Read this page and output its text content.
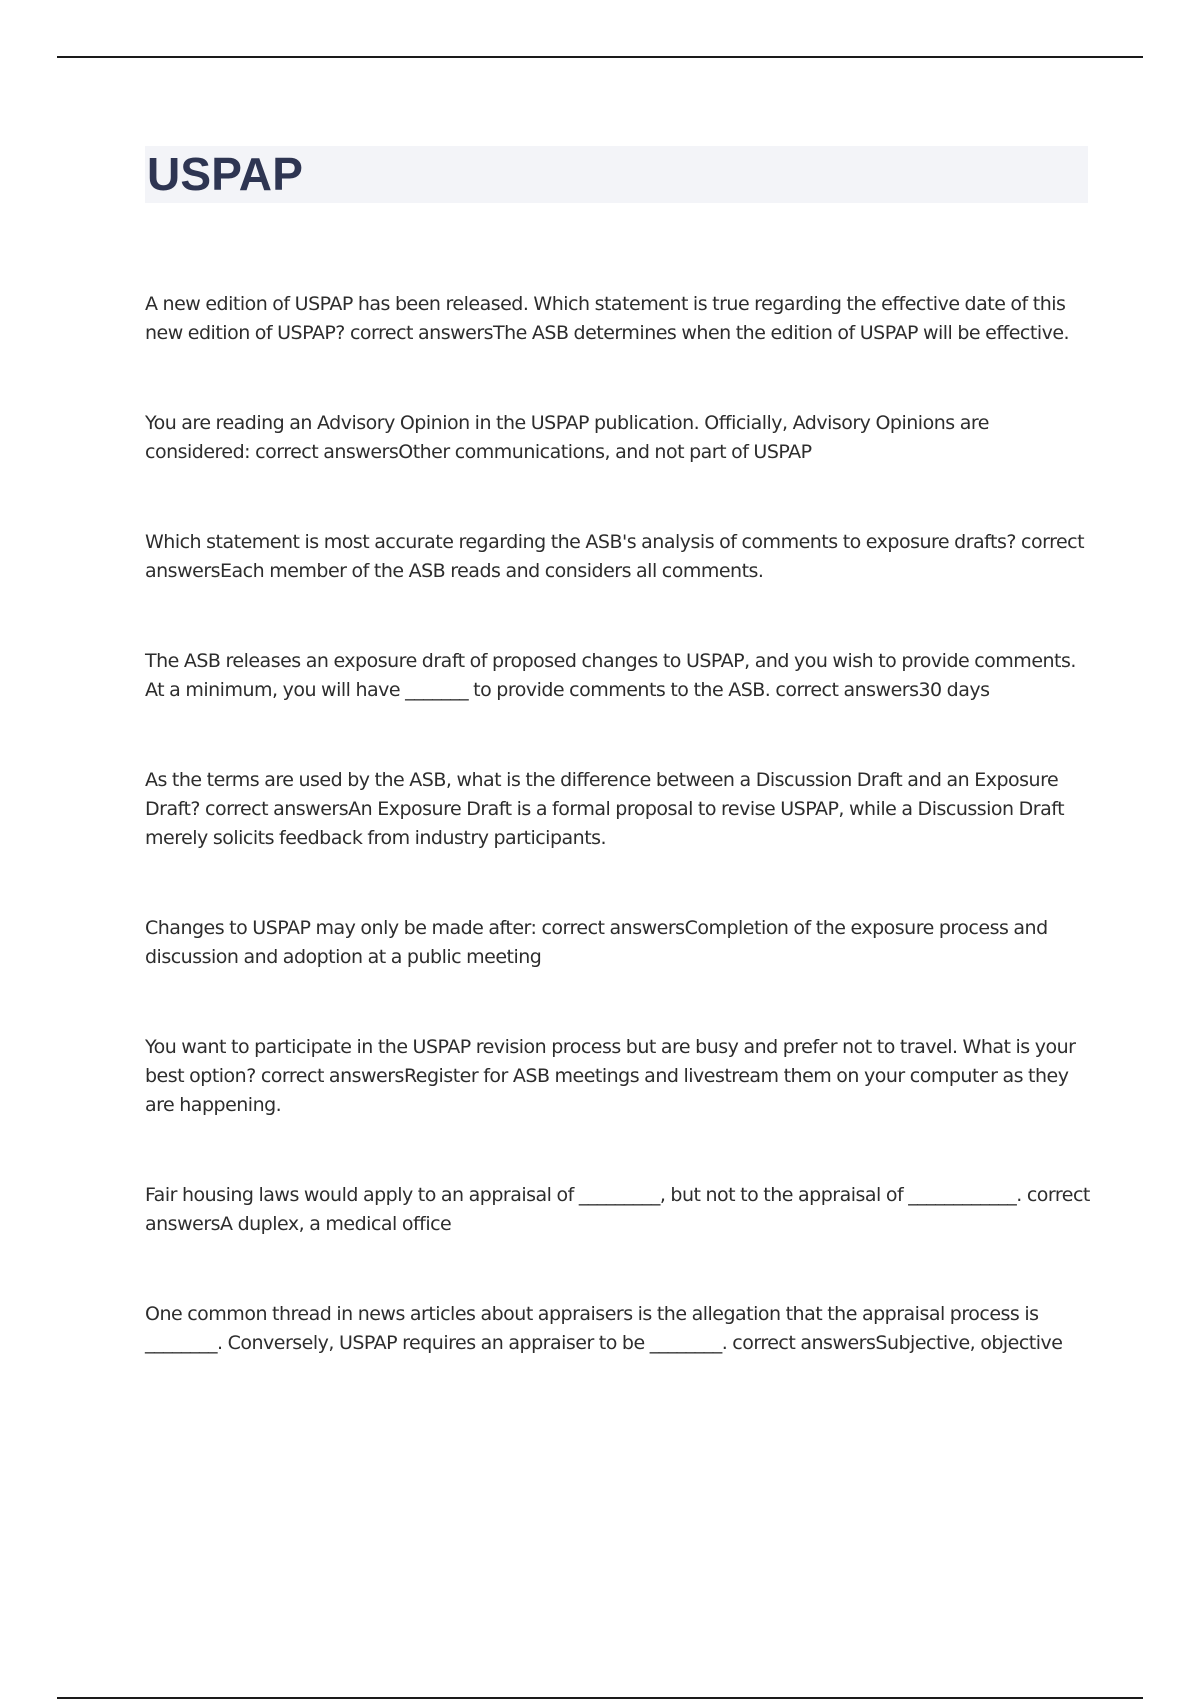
USPAP

A new edition of USPAP has been released. Which statement is true regarding the effective date of this new edition of USPAP? correct answersThe ASB determines when the edition of USPAP will be effective.

You are reading an Advisory Opinion in the USPAP publication. Officially, Advisory Opinions are considered: correct answersOther communications, and not part of USPAP

Which statement is most accurate regarding the ASB's analysis of comments to exposure drafts? correct answersEach member of the ASB reads and considers all comments.

The ASB releases an exposure draft of proposed changes to USPAP, and you wish to provide comments. At a minimum, you will have _______ to provide comments to the ASB. correct answers30 days

As the terms are used by the ASB, what is the difference between a Discussion Draft and an Exposure Draft? correct answersAn Exposure Draft is a formal proposal to revise USPAP, while a Discussion Draft merely solicits feedback from industry participants.

Changes to USPAP may only be made after: correct answersCompletion of the exposure process and discussion and adoption at a public meeting

You want to participate in the USPAP revision process but are busy and prefer not to travel. What is your best option? correct answersRegister for ASB meetings and livestream them on your computer as they are happening.

Fair housing laws would apply to an appraisal of _________, but not to the appraisal of ____________. correct answersA duplex, a medical office

One common thread in news articles about appraisers is the allegation that the appraisal process is ________. Conversely, USPAP requires an appraiser to be ________. correct answersSubjective, objective
